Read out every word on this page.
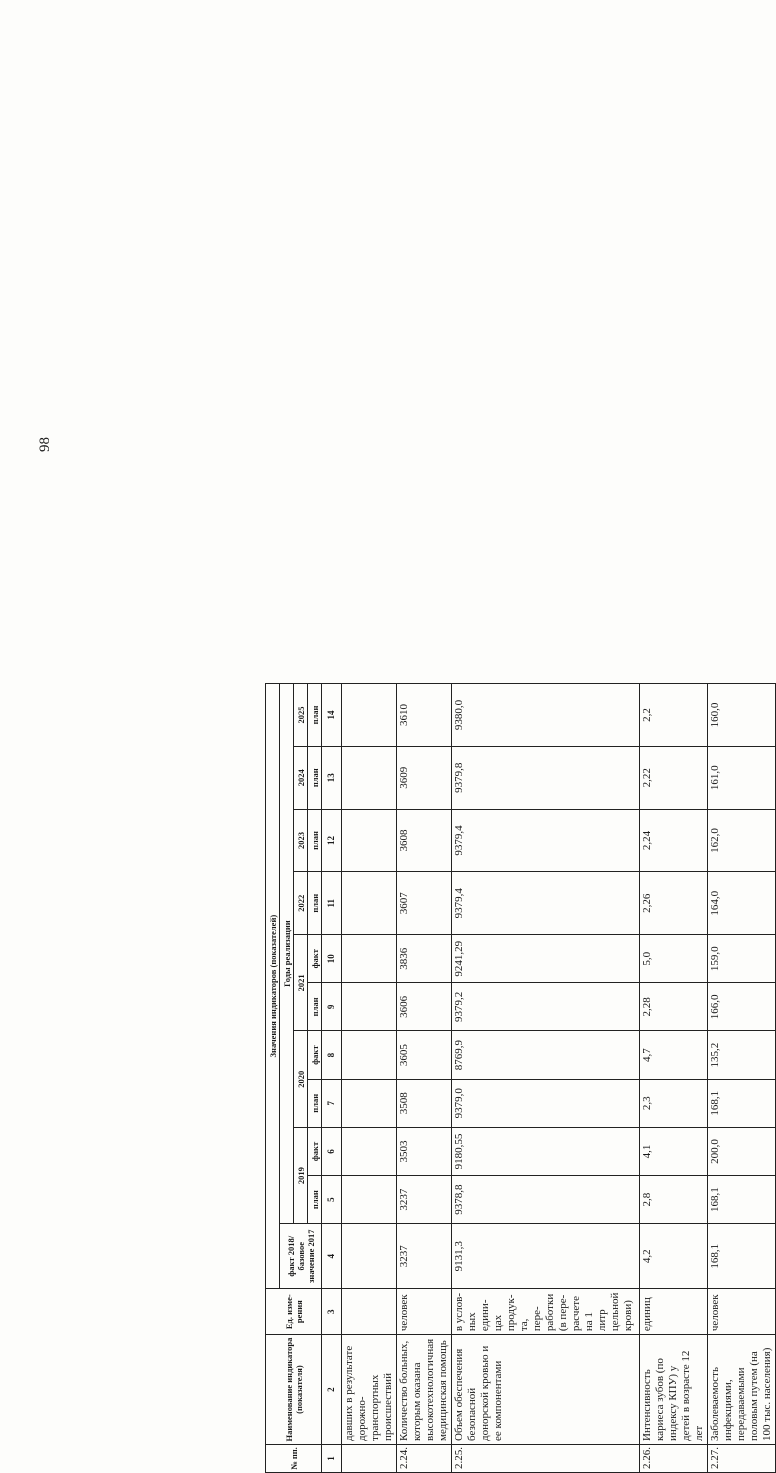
98
№ пп.	Наименование индикатора (показателя)	Ед. изме-рения	Значения индикаторов (показателей)										
			факт 2018/базовое значение 2017	Годы реализации									
				2019		2020		2021		2022	2023	2024	2025
				план	факт	план	факт	план	факт	план	план	план	план
1	2	3	4	5	6	7	8	9	10	11	12	13	14
	давших в результате дорожно-транспортных происшествий												
2.24.	Количество больных, которым оказана высокотехнологичная медицинская помощь	человек	3237	3237	3503	3508	3605	3606	3836	3607	3608	3609	3610
2.25.	Объем обеспечения безопасной донорской кровью и ее компонентами	в услов-ных едини-цах продук-та, пере-работки (в пере-расчете на 1 литр цельной крови)	9131,3	9378,8	9180,55	9379,0	8769,9	9379,2	9241,29	9379,4	9379,4	9379,8	9380,0
2.26.	Интенсивность кариеса зубов (по индексу КПУ) у детей в возрасте 12 лет	единиц	4,2	2,8	4,1	2,3	4,7	2,28	5,0	2,26	2,24	2,22	2,2
2.27.	Заболеваемость инфекциями, передаваемыми половым путем (на 100 тыс. населения)	человек	168,1	168,1	200,0	168,1	135,2	166,0	159,0	164,0	162,0	161,0	160,0
